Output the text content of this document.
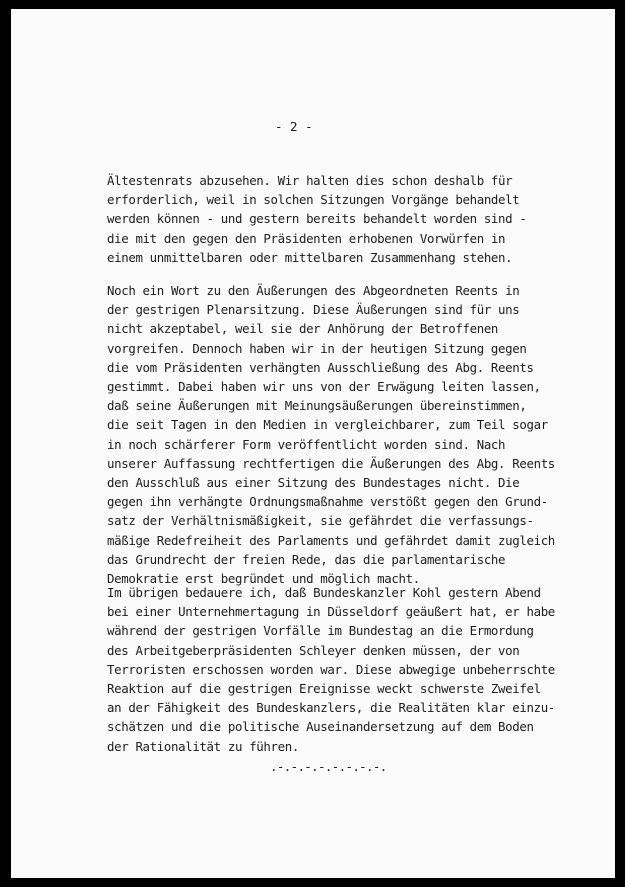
- 2 -

Ältestenrats abzusehen. Wir halten dies schon deshalb für
erforderlich, weil in solchen Sitzungen Vorgänge behandelt
werden können - und gestern bereits behandelt worden sind -
die mit den gegen den Präsidenten erhobenen Vorwürfen in
einem unmittelbaren oder mittelbaren Zusammenhang stehen.

Noch ein Wort zu den Äußerungen des Abgeordneten Reents in
der gestrigen Plenarsitzung. Diese Äußerungen sind für uns
nicht akzeptabel, weil sie der Anhörung der Betroffenen
vorgreifen. Dennoch haben wir in der heutigen Sitzung gegen
die vom Präsidenten verhängten Ausschließung des Abg. Reents
gestimmt. Dabei haben wir uns von der Erwägung leiten lassen,
daß seine Äußerungen mit Meinungsäußerungen übereinstimmen,
die seit Tagen in den Medien in vergleichbarer, zum Teil sogar
in noch schärferer Form veröffentlicht worden sind. Nach
unserer Auffassung rechtfertigen die Äußerungen des Abg. Reents
den Ausschluß aus einer Sitzung des Bundestages nicht. Die
gegen ihn verhängte Ordnungsmaßnahme verstößt gegen den Grund-
satz der Verhältnismäßigkeit, sie gefährdet die verfassungs-
mäßige Redefreiheit des Parlaments und gefährdet damit zugleich
das Grundrecht der freien Rede, das die parlamentarische
Demokratie erst begründet und möglich macht.

Im übrigen bedauere ich, daß Bundeskanzler Kohl gestern Abend
bei einer Unternehmertagung in Düsseldorf geäußert hat, er habe
während der gestrigen Vorfälle im Bundestag an die Ermordung
des Arbeitgeberpräsidenten Schleyer denken müssen, der von
Terroristen erschossen worden war. Diese abwegige unbeherrschte
Reaktion auf die gestrigen Ereignisse weckt schwerste Zweifel
an der Fähigkeit des Bundeskanzlers, die Realitäten klar einzu-
schätzen und die politische Auseinandersetzung auf dem Boden
der Rationalität zu führen.

.-.-.-.-.-.-.-.-.
